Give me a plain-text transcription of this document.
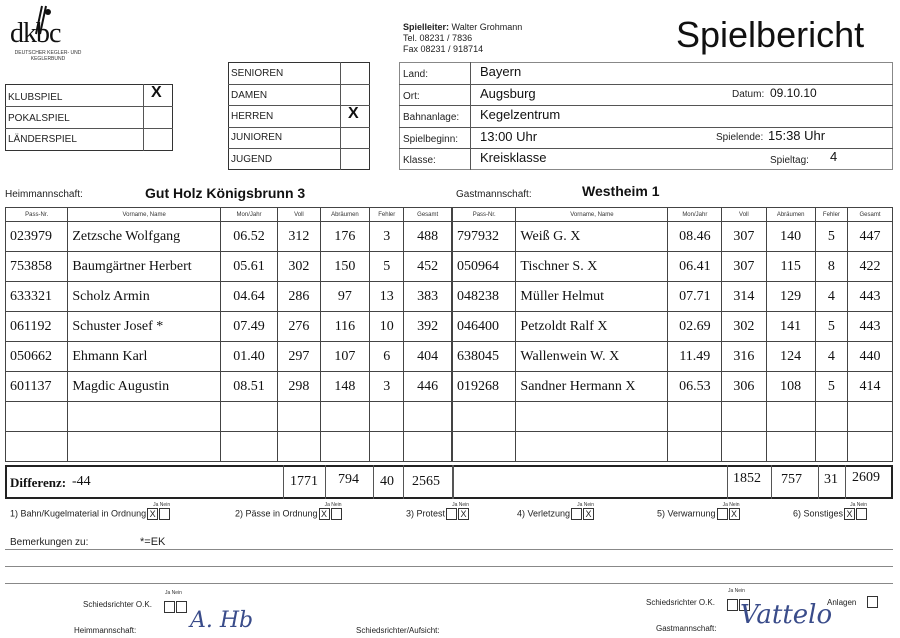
dkbc
DEUTSCHER KEGLER- UND
KEGLERBUND
Spielleiter: Walter Grohmann
Tel. 08231 / 7836
Fax 08231 / 918714	Spielbericht
KLUBSPIEL	X
POKALSPIEL
LÄNDERSPIEL
SENIOREN
DAMEN
HERREN	X
JUNIOREN
JUGEND
Land:	Bayern
Ort:	Augsburg	Datum: 09.10.10
Bahnanlage: Kegelzentrum
Spielbeginn: 13:00 Uhr	Spielende: 15:38 Uhr
Klasse:	Kreisklasse	Spieltag: 4
Heimmannschaft:	Gut Holz Königsbrunn 3	Gastmannschaft:	Westheim 1
Pass-Nr.	Vorname, Name	Mon/Jahr	Voll	Abräumen	Fehler	Gesamt
023979	Zetzsche Wolfgang	06.52	312	176	3	488
753858	Baumgärtner Herbert	05.61	302	150	5	452
633321	Scholz Armin	04.64	286	97	13	383
061192	Schuster Josef *	07.49	276	116	10	392
050662	Ehmann Karl	01.40	297	107	6	404
601137	Magdic Augustin	08.51	298	148	3	446

Pass-Nr.	Vorname, Name	Mon/Jahr	Voll	Abräumen	Fehler	Gesamt
797932	Weiß G. X	08.46	307	140	5	447
050964	Tischner S. X	06.41	307	115	8	422
048238	Müller Helmut	07.71	314	129	4	443
046400	Petzoldt Ralf X	02.69	302	141	5	443
638045	Wallenwein W. X	11.49	316	124	4	440
019268	Sandner Hermann X	06.53	306	108	5	414

Differenz: -44	1771 794 40 2565	1852 757 31 2609
Ja Nein
1) Bahn/Kugelmaterial in Ordnung X
Ja Nein
2) Pässe in Ordnung X
Ja Nein
3) Protest X
Ja Nein
4) Verletzung X
Ja Nein
5) Verwarnung X
Ja Nein
6) Sonstiges X
Bemerkungen zu:	*=EK
Schiedsrichter O.K.
Ja Nein
Heimmannschaft: A. Hb	Schiedsrichter/Aufsicht:
Schiedsrichter O.K.
Ja Nein
Anlagen
Gastmannschaft: Vattelo
